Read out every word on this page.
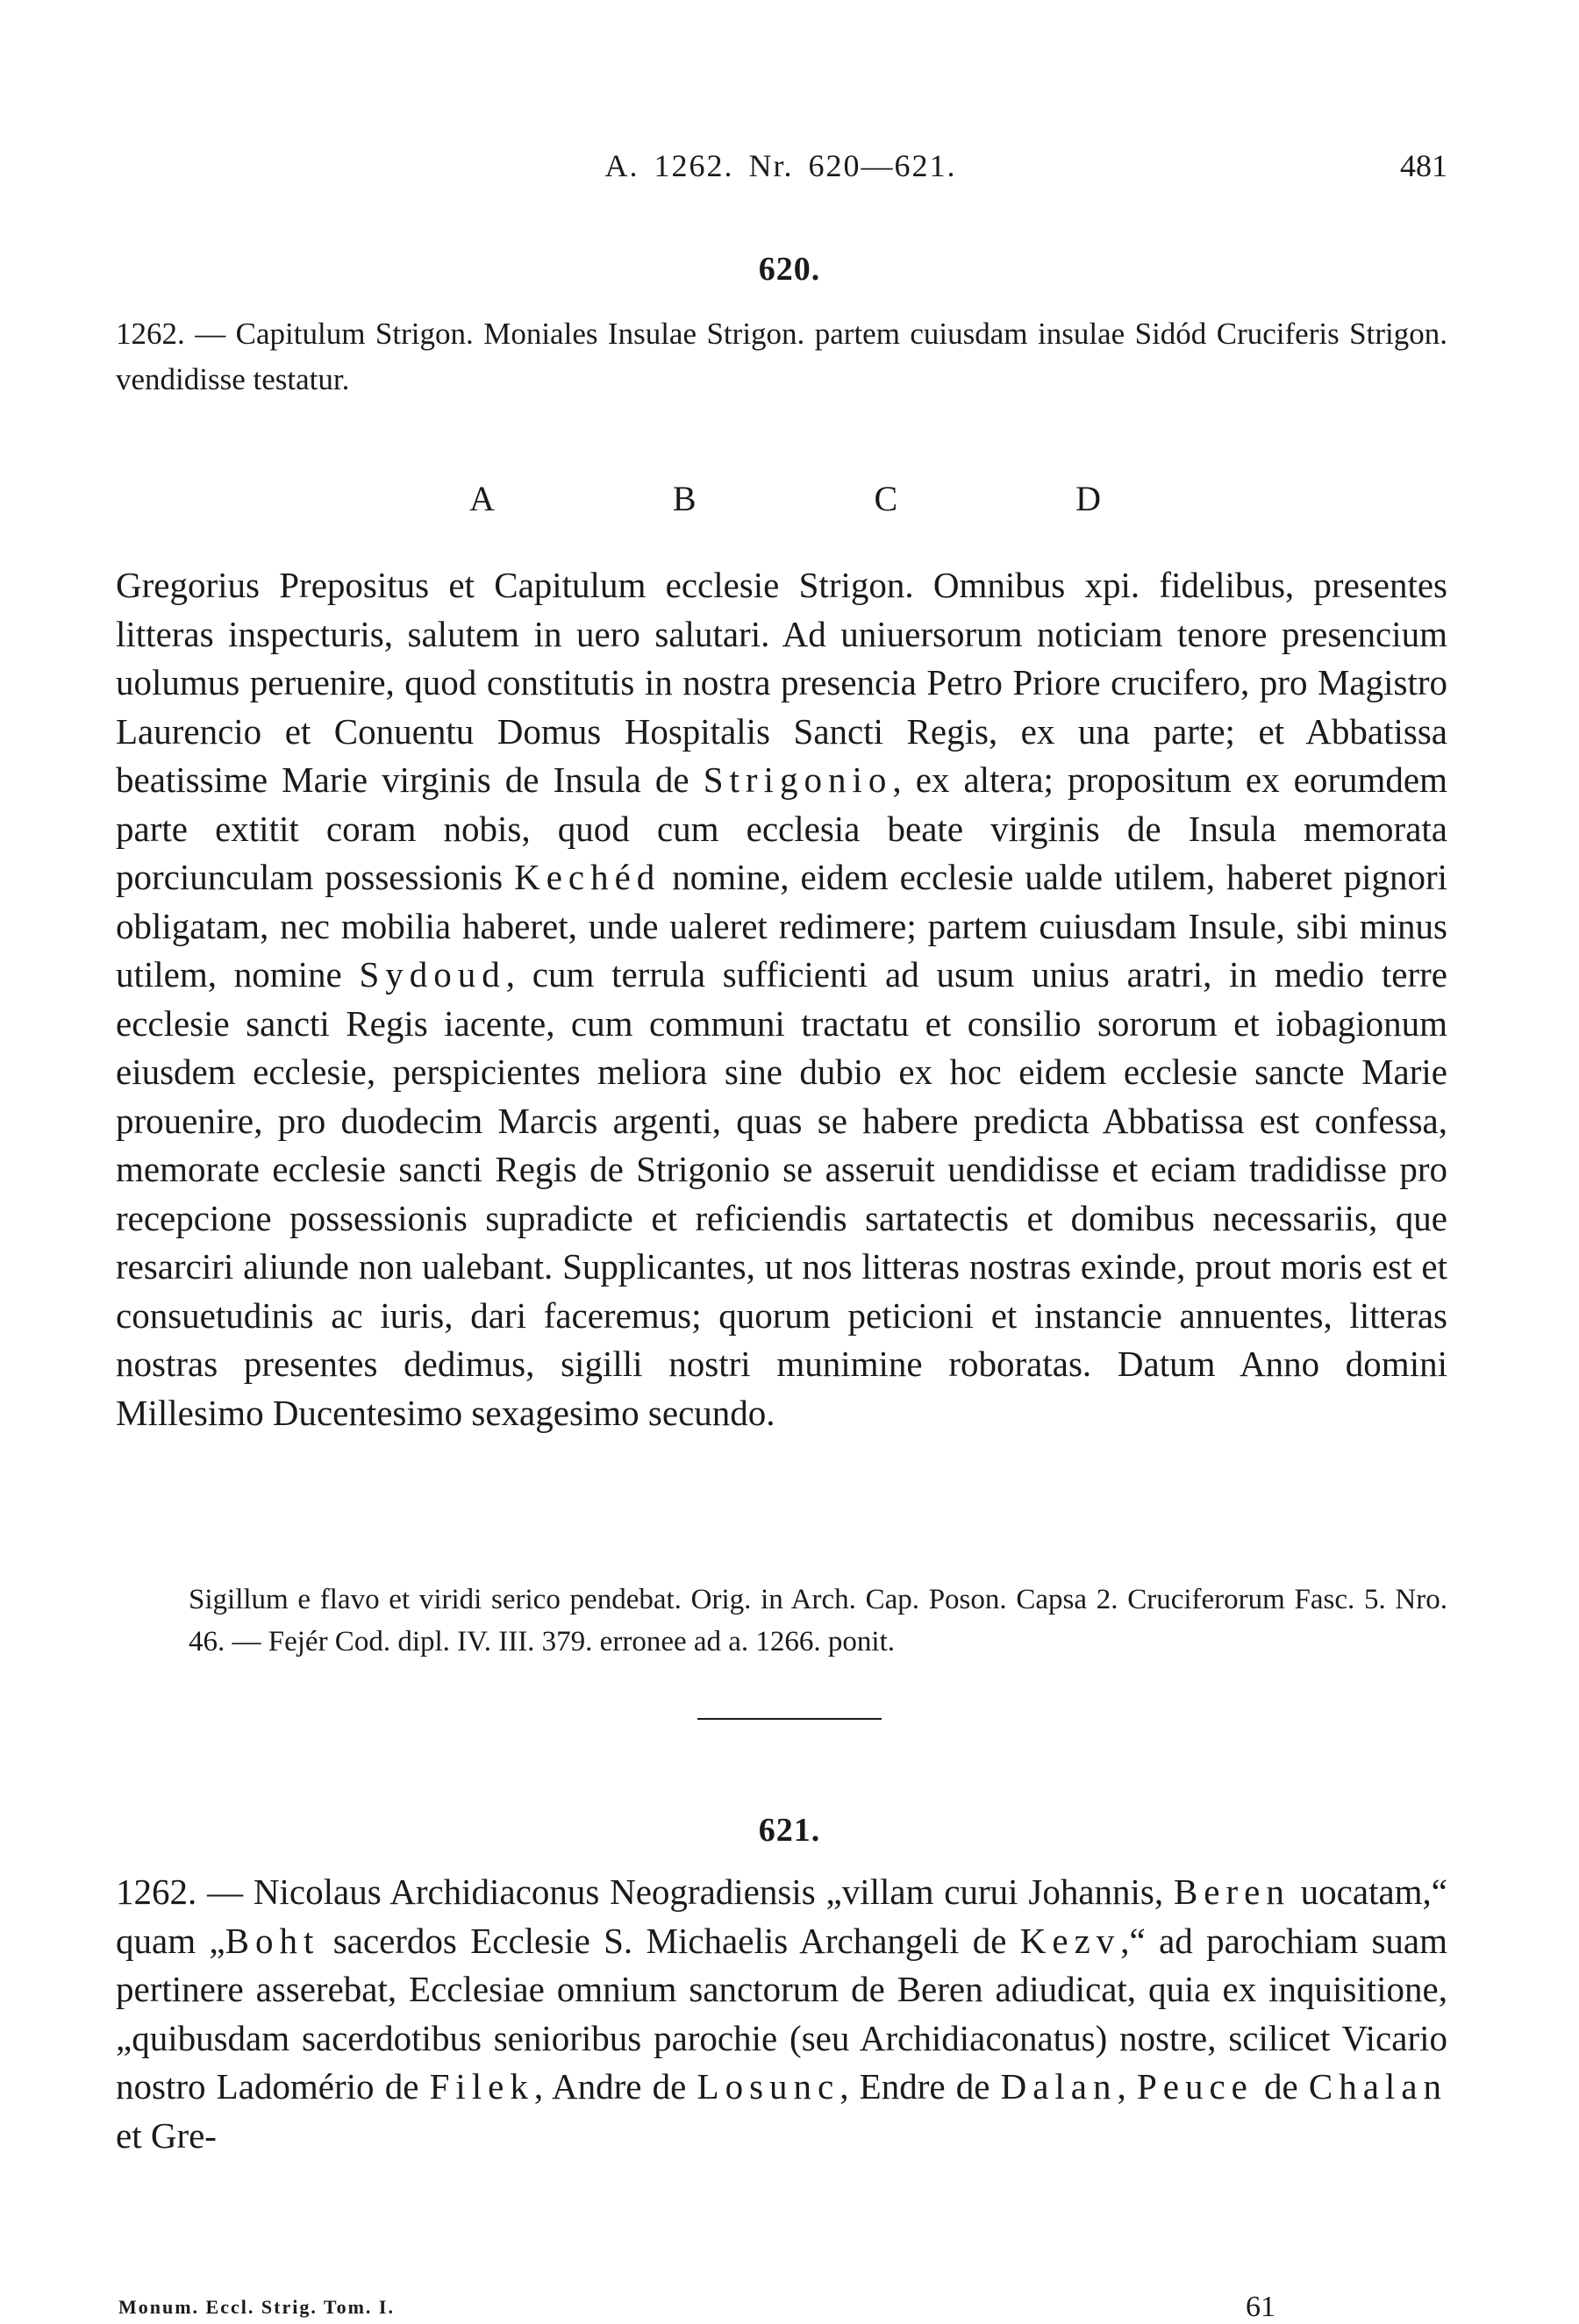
A. 1262. Nr. 620—621.	481
620.
1262. — Capitulum Strigon. Moniales Insulae Strigon. partem cuiusdam insulae Sidód Cruciferis Strigon. vendidisse testatur.
A	B	C	D
Gregorius Prepositus et Capitulum ecclesie Strigon. Omnibus xpi. fidelibus, presentes litteras inspecturis, salutem in uero salutari. Ad uniuersorum noticiam tenore presencium uolumus peruenire, quod constitutis in nostra presencia Petro Priore crucifero, pro Magistro Laurencio et Conuentu Domus Hospitalis Sancti Regis, ex una parte; et Abbatissa beatissime Marie virginis de Insula de Strigonio, ex altera; propositum ex eorumdem parte extitit coram nobis, quod cum ecclesia beate virginis de Insula memorata porciunculam possessionis Kechéd nomine, eidem ecclesie ualde utilem, haberet pignori obligatam, nec mobilia haberet, unde ualeret redimere; partem cuiusdam Insule, sibi minus utilem, nomine Sydoud, cum terrula sufficienti ad usum unius aratri, in medio terre ecclesie sancti Regis iacente, cum communi tractatu et consilio sororum et iobagionum eiusdem ecclesie, perspicientes meliora sine dubio ex hoc eidem ecclesie sancte Marie prouenire, pro duodecim Marcis argenti, quas se habere predicta Abbatissa est confessa, memorate ecclesie sancti Regis de Strigonio se asseruit uendidisse et eciam tradidisse pro recepcione possessionis supradicte et reficiendis sartatectis et domibus necessariis, que resarciri aliunde non ualebant. Supplicantes, ut nos litteras nostras exinde, prout moris est et consuetudinis ac iuris, dari faceremus; quorum peticioni et instancie annuentes, litteras nostras presentes dedimus, sigilli nostri munimine roboratas. Datum Anno domini Millesimo Ducentesimo sexagesimo secundo.
Sigillum e flavo et viridi serico pendebat. Orig. in Arch. Cap. Poson. Capsa 2. Cruciferorum Fasc. 5. Nro. 46. — Fejér Cod. dipl. IV. III. 379. erronee ad a. 1266. ponit.
621.
1262. — Nicolaus Archidiaconus Neogradiensis „villam curui Johannis, Beren uocatam,“ quam „Boht sacerdos Ecclesie S. Michaelis Archangeli de Kezv,“ ad parochiam suam pertinere asserebat, Ecclesiae omnium sanctorum de Beren adiudicat, quia ex inquisitione, „quibusdam sacerdotibus senioribus parochie (seu Archidiaconatus) nostre, scilicet Vicario nostro Ladomério de Filek, Andre de Losunc, Endre de Dalan, Peuce de Chalan et Gre-
Monum. Eccl. Strig. Tom. I.	61
